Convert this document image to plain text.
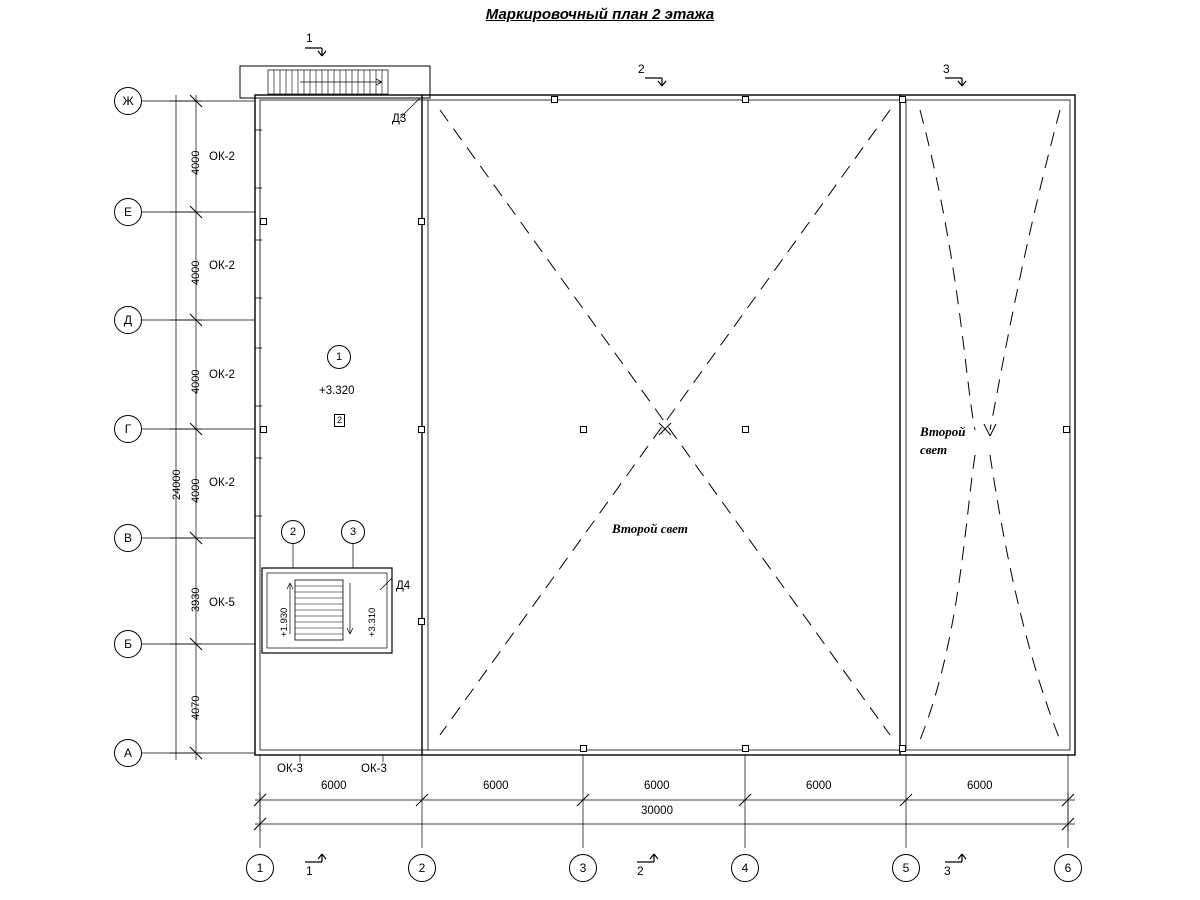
Маркировочный план 2 этажа
Ж
Е
Д
Г
В
Б
А
1	2	3	4	5	6
4000
4000
4000
4000
3930
4070
24000
6000	6000	6000	6000	6000
30000
ОК-2
ОК-2
ОК-2
ОК-2
ОК-5
ОК-3	ОК-3
Д3
Д4
1
2	3
1	2	3
1
2	3
+3.320
2
+1.930	+3.310
Второй свет
Второй
свет
